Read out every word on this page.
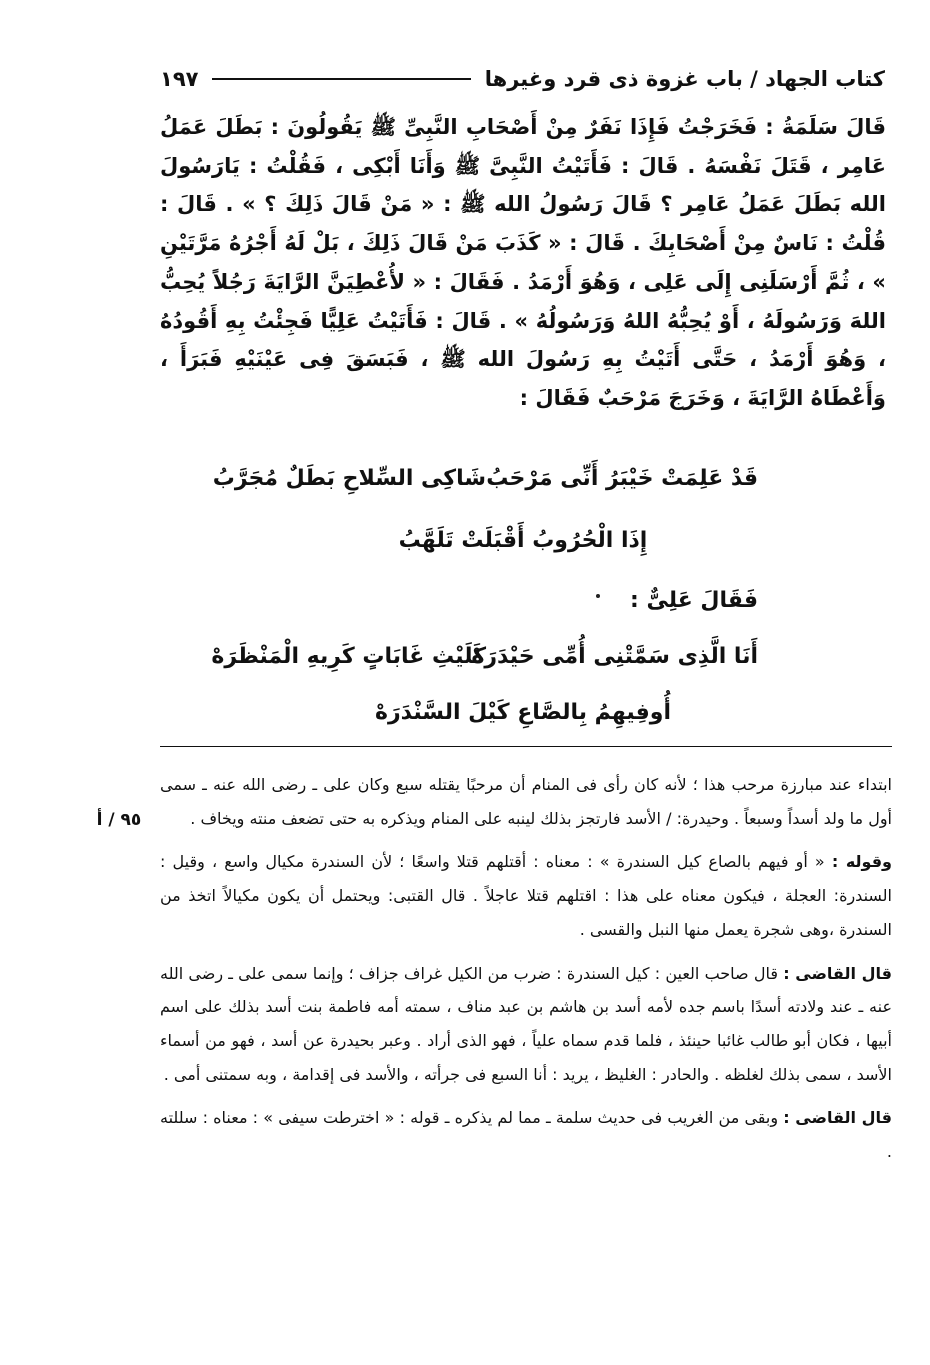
كتاب الجهاد / باب غزوة ذى قرد وغيرها
١٩٧

قَالَ سَلَمَةُ : فَخَرَجْتُ فَإِذَا نَفَرٌ مِنْ أَصْحَابِ النَّبِىِّ ﷺ يَقُولُونَ : بَطَلَ عَمَلُ عَامِر ، قَتَلَ نَفْسَهُ . قَالَ : فَأَتَيْتُ النَّبِىَّ ﷺ وَأَنَا أَبْكِى ، فَقُلْتُ : يَارَسُولَ الله بَطَلَ عَمَلُ عَامِر ؟ قَالَ رَسُولُ الله ﷺ : « مَنْ قَالَ ذَلِكَ ؟ » . قَالَ : قُلْتُ : نَاسٌ مِنْ أَصْحَابِكَ . قَالَ : « كَذَبَ مَنْ قَالَ ذَلِكَ ، بَلْ لَهُ أَجْرُهُ مَرَّتَيْنِ » ، ثُمَّ أَرْسَلَنِى إِلَى عَلِى ، وَهُوَ أَرْمَدُ . فَقَالَ : « لأُعْطِيَنَّ الرَّايَةَ رَجُلاً يُحِبُّ اللهَ وَرَسُولَهُ ، أَوْ يُحِبُّهُ اللهُ وَرَسُولُهُ » . قَالَ : فَأَتَيْتُ عَلِيًّا فَجِئْتُ بِهِ أَقُودُهُ ، وَهُوَ أَرْمَدُ ، حَتَّى أَتَيْتُ بِهِ رَسُولَ الله ﷺ ، فَبَسَقَ فِى عَيْنَيْهِ فَبَرَأَ ، وَأَعْطَاهُ الرَّايَةَ ، وَخَرَجَ مَرْحَبٌ فَقَالَ :

قَدْ عَلِمَتْ خَيْبَرُ أَنِّى مَرْحَبُ
شَاكِى السِّلاحِ بَطَلٌ مُجَرَّبُ
إِذَا الْحُرُوبُ أَقْبَلَتْ تَلَهَّبُ
فَقَالَ عَلِىٌّ :
أَنَا الَّذِى سَمَّتْنِى أُمِّى حَيْدَرَهْ
كَلَيْثِ غَابَاتٍ كَرِيهِ الْمَنْظَرَهْ
أُوفِيهِمُ بِالصَّاعِ كَيْلَ السَّنْدَرَهْ
٩٥ / أ

ابتداء عند مبارزة مرحب هذا ؛ لأنه كان رأى فى المنام أن مرحبًا يقتله سبع وكان على ـ رضى الله عنه ـ سمى أول ما ولد أسداً وسبعاً . وحيدرة: / الأسد فارتجز بذلك لينبه على المنام ويذكره به حتى تضعف منته ويخاف .

وقوله : « أو فيهم بالصاع كيل السندرة » : معناه : أقتلهم قتلا واسعًا ؛ لأن السندرة مكيال واسع ، وقيل : السندرة: العجلة ، فيكون معناه على هذا : اقتلهم قتلا عاجلاً . قال القتبى: ويحتمل أن يكون مكيالاً اتخذ من السندرة ،وهى شجرة يعمل منها النبل والقسى .

قال القاضى : قال صاحب العين : كيل السندرة : ضرب من الكيل غراف جزاف ؛ وإنما سمى على ـ رضى الله عنه ـ عند ولادته أسدًا باسم جده لأمه أسد بن هاشم بن عبد مناف ، سمته أمه فاطمة بنت أسد بذلك على اسم أبيها ، فكان أبو طالب غائبا حينئذ ، فلما قدم سماه علياً ، فهو الذى أراد . وعبر بحيدرة عن أسد ، فهو من أسماء الأسد ، سمى بذلك لغلظه . والحادر : الغليظ ، يريد : أنا السبع فى جرأته ، والأسد فى إقدامة ، وبه سمتنى أمى .

قال القاضى : وبقى من الغريب فى حديث سلمة ـ مما لم يذكره ـ قوله : « اخترطت سيفى » : معناه : سللته .
